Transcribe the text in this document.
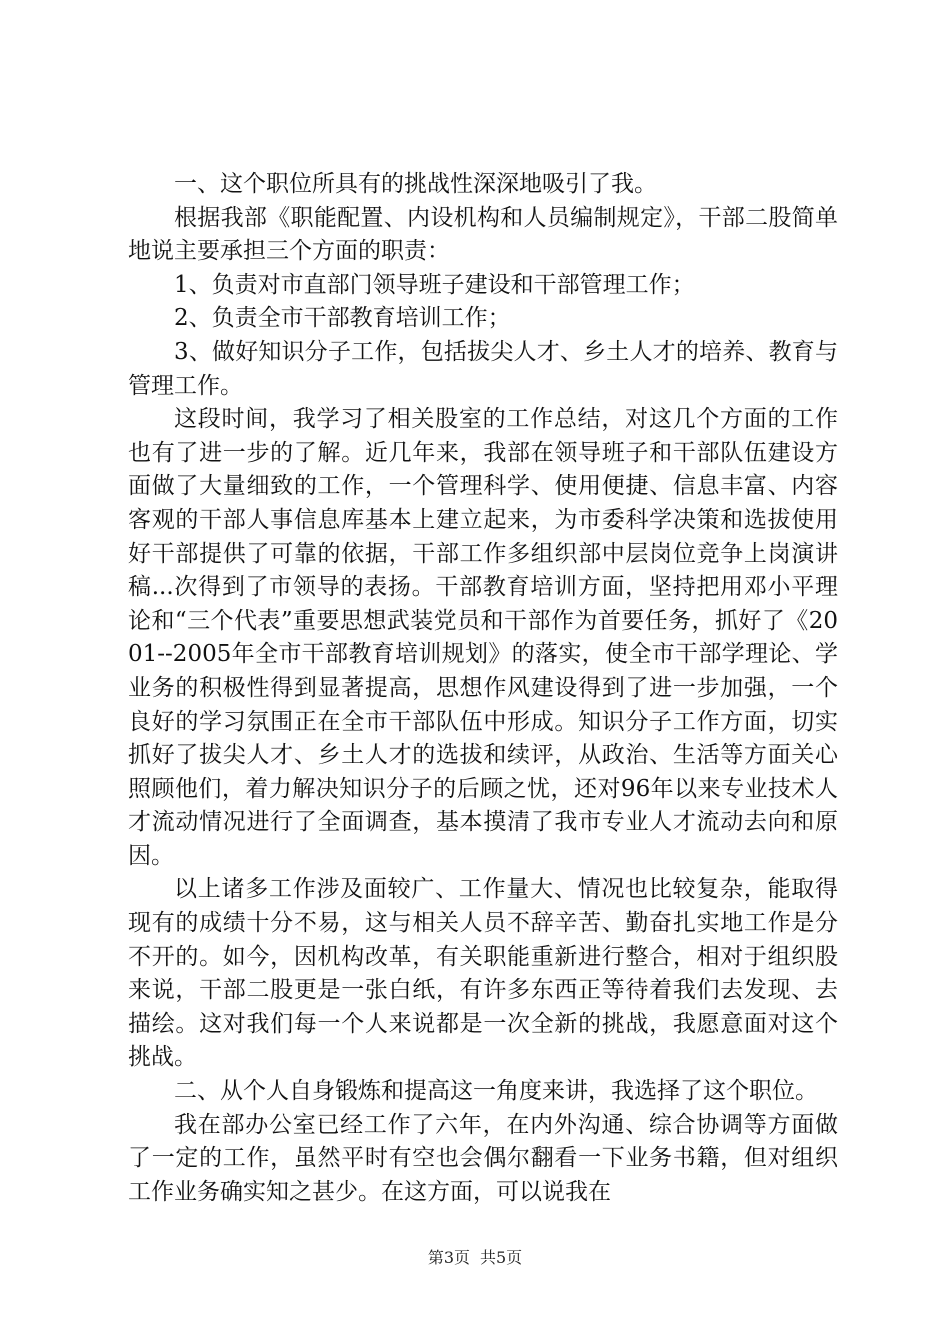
一、这个职位所具有的挑战性深深地吸引了我。

根据我部《职能配置、内设机构和人员编制规定》，干部二股简单地说主要承担三个方面的职责：

1、负责对市直部门领导班子建设和干部管理工作；

2、负责全市干部教育培训工作；

3、做好知识分子工作，包括拔尖人才、乡土人才的培养、教育与管理工作。

这段时间，我学习了相关股室的工作总结，对这几个方面的工作也有了进一步的了解。近几年来，我部在领导班子和干部队伍建设方面做了大量细致的工作，一个管理科学、使用便捷、信息丰富、内容客观的干部人事信息库基本上建立起来，为市委科学决策和选拔使用好干部提供了可靠的依据，干部工作多组织部中层岗位竞争上岗演讲稿...次得到了市领导的表扬。干部教育培训方面，坚持把用邓小平理论和“三个代表”重要思想武装党员和干部作为首要任务，抓好了《2001--2005年全市干部教育培训规划》的落实，使全市干部学理论、学业务的积极性得到显著提高，思想作风建设得到了进一步加强，一个良好的学习氛围正在全市干部队伍中形成。知识分子工作方面，切实抓好了拔尖人才、乡土人才的选拔和续评，从政治、生活等方面关心照顾他们，着力解决知识分子的后顾之忧，还对96年以来专业技术人才流动情况进行了全面调查，基本摸清了我市专业人才流动去向和原因。

以上诸多工作涉及面较广、工作量大、情况也比较复杂，能取得现有的成绩十分不易，这与相关人员不辞辛苦、勤奋扎实地工作是分不开的。如今，因机构改革，有关职能重新进行整合，相对于组织股来说，干部二股更是一张白纸，有许多东西正等待着我们去发现、去描绘。这对我们每一个人来说都是一次全新的挑战，我愿意面对这个挑战。

二、从个人自身锻炼和提高这一角度来讲，我选择了这个职位。

我在部办公室已经工作了六年，在内外沟通、综合协调等方面做了一定的工作，虽然平时有空也会偶尔翻看一下业务书籍，但对组织工作业务确实知之甚少。在这方面，可以说我在

第3页 共5页
